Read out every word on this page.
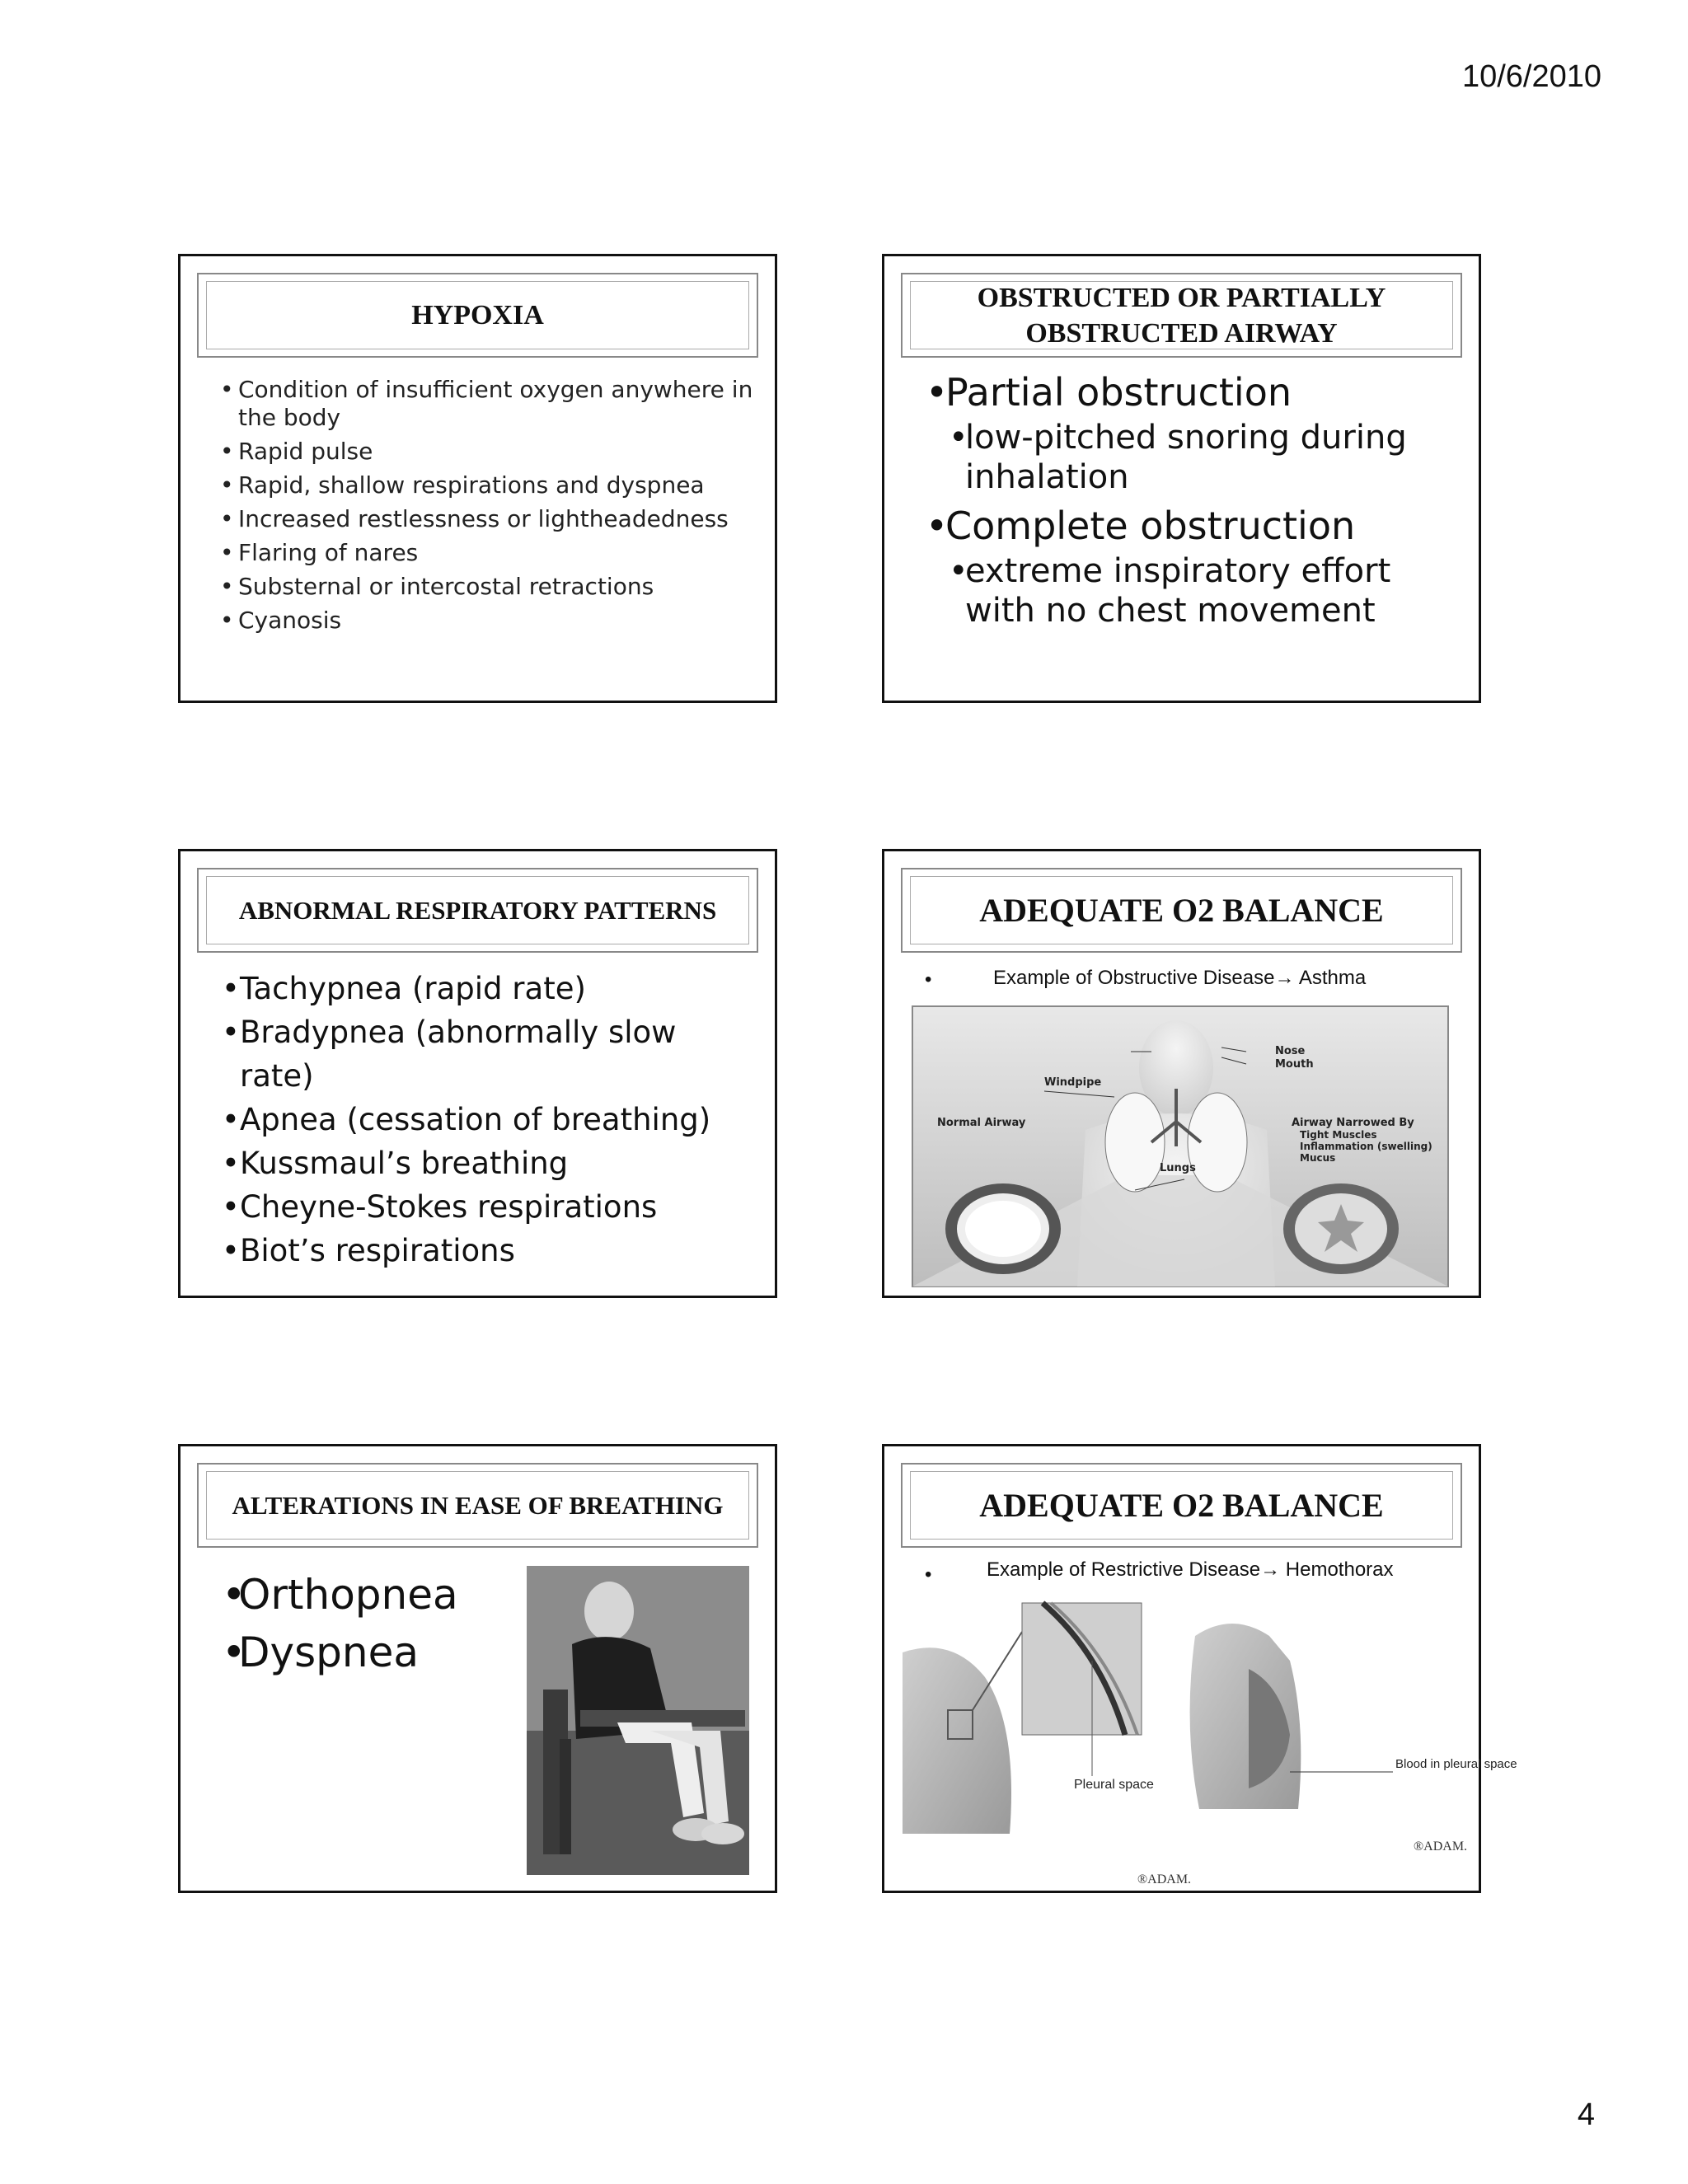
10/6/2010
HYPOXIA
• Condition of insufficient oxygen anywhere in the body
• Rapid pulse
• Rapid, shallow respirations and dyspnea
• Increased restlessness or lightheadedness
• Flaring of nares
• Substernal or intercostal retractions
• Cyanosis
OBSTRUCTED OR PARTIALLY OBSTRUCTED AIRWAY
• Partial obstruction
• low-pitched snoring during inhalation
• Complete obstruction
• extreme inspiratory effort with no chest movement
ABNORMAL RESPIRATORY PATTERNS
• Tachypnea (rapid rate)
• Bradypnea (abnormally slow rate)
• Apnea (cessation of breathing)
• Kussmaul’s breathing
• Cheyne-Stokes respirations
• Biot’s respirations
ADEQUATE O2 BALANCE
•	Example of Obstructive Disease→ Asthma
Nose
Mouth
Windpipe
Normal Airway	Airway Narrowed By
Tight Muscles
Inflammation (swelling)
Mucus
Lungs
ALTERATIONS IN EASE OF BREATHING
• Orthopnea
• Dyspnea
ADEQUATE O2 BALANCE
•	Example of Restrictive Disease→ Hemothorax
Pleural space
Blood in pleural space
®ADAM.
®ADAM.
4
